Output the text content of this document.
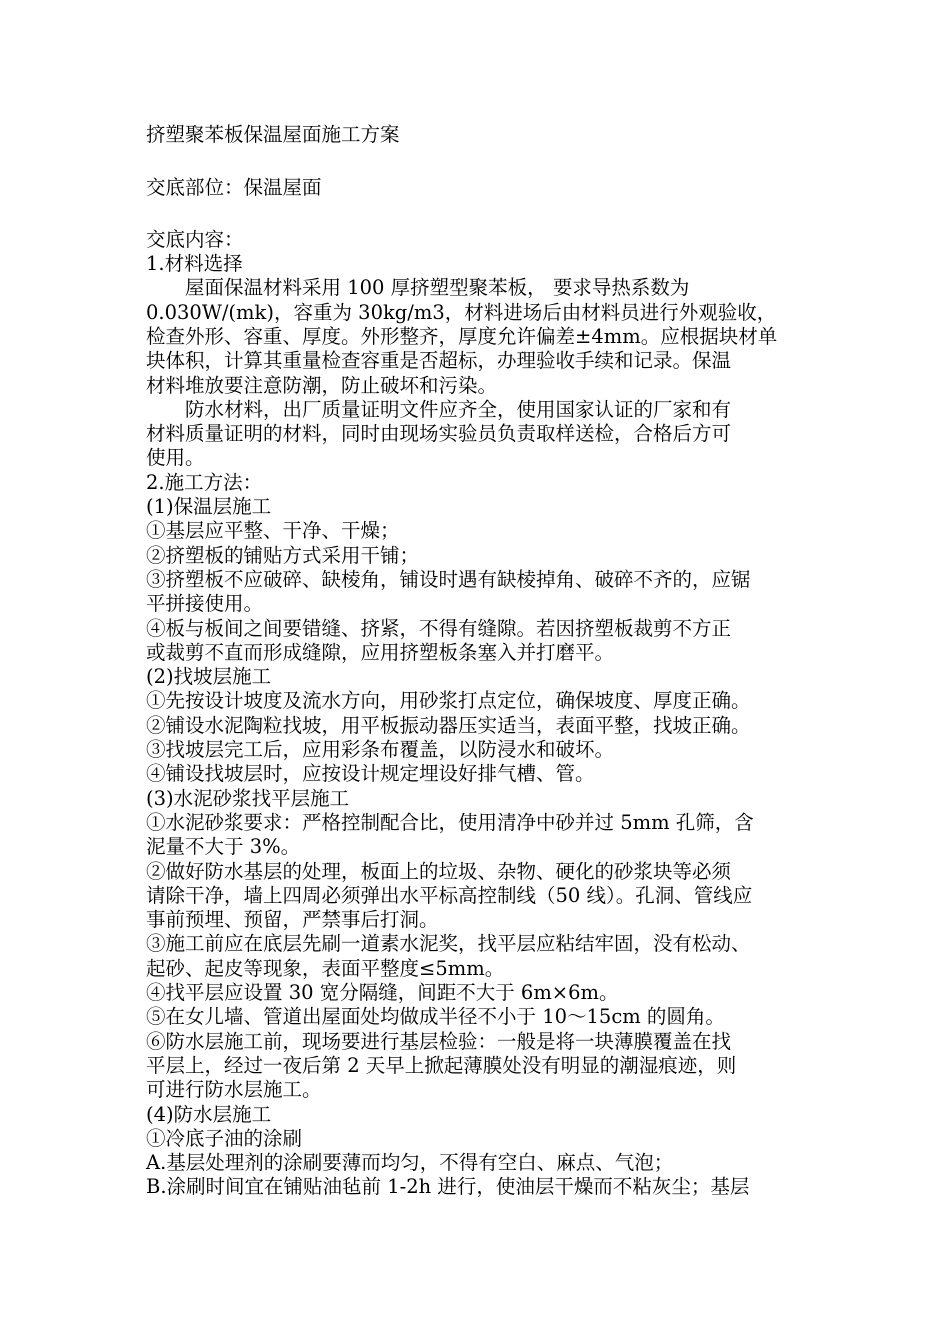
挤塑聚苯板保温屋面施工方案
交底部位：保温屋面
交底内容：
1.材料选择
　　屋面保温材料采用 100 厚挤塑型聚苯板， 要求导热系数为
0.030W/(mk)，容重为 30kg/m3，材料进场后由材料员进行外观验收，
检查外形、容重、厚度。外形整齐，厚度允许偏差±4mm。应根据块材单
块体积，计算其重量检查容重是否超标，办理验收手续和记录。保温
材料堆放要注意防潮，防止破坏和污染。
　　防水材料，出厂质量证明文件应齐全，使用国家认证的厂家和有
材料质量证明的材料，同时由现场实验员负责取样送检，合格后方可
使用。
2.施工方法：
(1)保温层施工
①基层应平整、干净、干燥；
②挤塑板的铺贴方式采用干铺；
③挤塑板不应破碎、缺棱角，铺设时遇有缺棱掉角、破碎不齐的，应锯
平拼接使用。
④板与板间之间要错缝、挤紧，不得有缝隙。若因挤塑板裁剪不方正
或裁剪不直而形成缝隙，应用挤塑板条塞入并打磨平。
(2)找坡层施工
①先按设计坡度及流水方向，用砂浆打点定位，确保坡度、厚度正确。
②铺设水泥陶粒找坡，用平板振动器压实适当，表面平整，找坡正确。
③找坡层完工后，应用彩条布覆盖，以防浸水和破坏。
④铺设找坡层时，应按设计规定埋设好排气槽、管。
(3)水泥砂浆找平层施工
①水泥砂浆要求：严格控制配合比，使用清净中砂并过 5mm 孔筛，含
泥量不大于 3%。
②做好防水基层的处理，板面上的垃圾、杂物、硬化的砂浆块等必须
请除干净，墙上四周必须弹出水平标高控制线（50 线）。孔洞、管线应
事前预埋、预留，严禁事后打洞。
③施工前应在底层先刷一道素水泥奖，找平层应粘结牢固，没有松动、
起砂、起皮等现象，表面平整度≤5mm。
④找平层应设置 30 宽分隔缝，间距不大于 6m×6m。
⑤在女儿墙、管道出屋面处均做成半径不小于 10～15cm 的圆角。
⑥防水层施工前，现场要进行基层检验：一般是将一块薄膜覆盖在找
平层上，经过一夜后第 2 天早上掀起薄膜处没有明显的潮湿痕迹，则
可进行防水层施工。
(4)防水层施工
①冷底子油的涂刷
A.基层处理剂的涂刷要薄而均匀，不得有空白、麻点、气泡；
B.涂刷时间宜在铺贴油毡前 1-2h 进行，使油层干燥而不粘灰尘；基层
